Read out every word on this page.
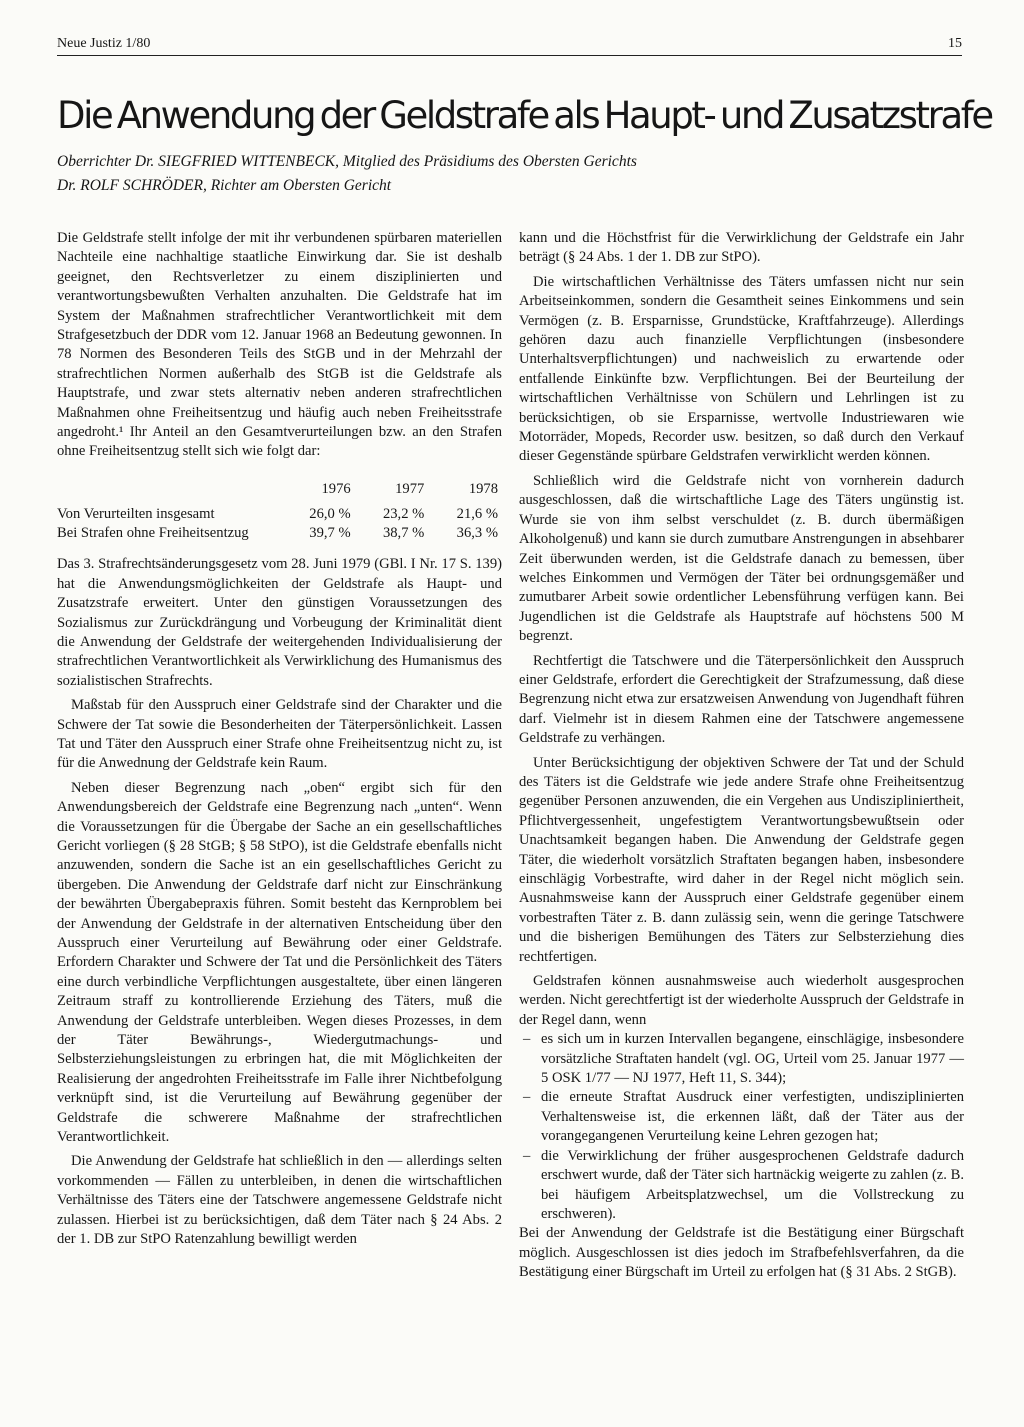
Neue Justiz 1/80	15
Die Anwendung der Geldstrafe als Haupt- und Zusatzstrafe
Oberrichter Dr. SIEGFRIED WITTENBECK, Mitglied des Präsidiums des Obersten Gerichts
Dr. ROLF SCHRÖDER, Richter am Obersten Gericht

Die Geldstrafe stellt infolge der mit ihr verbundenen spürbaren materiellen Nachteile eine nachhaltige staatliche Einwirkung dar. Sie ist deshalb geeignet, den Rechtsverletzer zu einem disziplinierten und verantwortungsbewußten Verhalten anzuhalten. Die Geldstrafe hat im System der Maßnahmen strafrechtlicher Verantwortlichkeit mit dem Strafgesetzbuch der DDR vom 12. Januar 1968 an Bedeutung gewonnen. In 78 Normen des Besonderen Teils des StGB und in der Mehrzahl der strafrechtlichen Normen außerhalb des StGB ist die Geldstrafe als Hauptstrafe, und zwar stets alternativ neben anderen strafrechtlichen Maßnahmen ohne Freiheitsentzug und häufig auch neben Freiheitsstrafe angedroht.¹ Ihr Anteil an den Gesamtverurteilungen bzw. an den Strafen ohne Freiheitsentzug stellt sich wie folgt dar:

	1976	1977	1978
Von Verurteilten insgesamt	26,0 %	23,2 %	21,6 %
Bei Strafen ohne Freiheitsentzug	39,7 %	38,7 %	36,3 %

Das 3. Strafrechtsänderungsgesetz vom 28. Juni 1979 (GBl. I Nr. 17 S. 139) hat die Anwendungsmöglichkeiten der Geldstrafe als Haupt- und Zusatzstrafe erweitert. Unter den günstigen Voraussetzungen des Sozialismus zur Zurückdrängung und Vorbeugung der Kriminalität dient die Anwendung der Geldstrafe der weitergehenden Individualisierung der strafrechtlichen Verantwortlichkeit als Verwirklichung des Humanismus des sozialistischen Strafrechts.

Maßstab für den Ausspruch einer Geldstrafe sind der Charakter und die Schwere der Tat sowie die Besonderheiten der Täterpersönlichkeit. Lassen Tat und Täter den Ausspruch einer Strafe ohne Freiheitsentzug nicht zu, ist für die Anwednung der Geldstrafe kein Raum.

Neben dieser Begrenzung nach „oben“ ergibt sich für den Anwendungsbereich der Geldstrafe eine Begrenzung nach „unten“. Wenn die Voraussetzungen für die Übergabe der Sache an ein gesellschaftliches Gericht vorliegen (§ 28 StGB; § 58 StPO), ist die Geldstrafe ebenfalls nicht anzuwenden, sondern die Sache ist an ein gesellschaftliches Gericht zu übergeben. Die Anwendung der Geldstrafe darf nicht zur Einschränkung der bewährten Übergabepraxis führen. Somit besteht das Kernproblem bei der Anwendung der Geldstrafe in der alternativen Entscheidung über den Ausspruch einer Verurteilung auf Bewährung oder einer Geldstrafe. Erfordern Charakter und Schwere der Tat und die Persönlichkeit des Täters eine durch verbindliche Verpflichtungen ausgestaltete, über einen längeren Zeitraum straff zu kontrollierende Erziehung des Täters, muß die Anwendung der Geldstrafe unterbleiben. Wegen dieses Prozesses, in dem der Täter Bewährungs-, Wiedergutmachungs- und Selbsterziehungsleistungen zu erbringen hat, die mit Möglichkeiten der Realisierung der angedrohten Freiheitsstrafe im Falle ihrer Nichtbefolgung verknüpft sind, ist die Verurteilung auf Bewährung gegenüber der Geldstrafe die schwerere Maßnahme der strafrechtlichen Verantwortlichkeit.

Die Anwendung der Geldstrafe hat schließlich in den — allerdings selten vorkommenden — Fällen zu unterbleiben, in denen die wirtschaftlichen Verhältnisse des Täters eine der Tatschwere angemessene Geldstrafe nicht zulassen. Hierbei ist zu berücksichtigen, daß dem Täter nach § 24 Abs. 2 der 1. DB zur StPO Ratenzahlung bewilligt werden

kann und die Höchstfrist für die Verwirklichung der Geldstrafe ein Jahr beträgt (§ 24 Abs. 1 der 1. DB zur StPO).

Die wirtschaftlichen Verhältnisse des Täters umfassen nicht nur sein Arbeitseinkommen, sondern die Gesamtheit seines Einkommens und sein Vermögen (z. B. Ersparnisse, Grundstücke, Kraftfahrzeuge). Allerdings gehören dazu auch finanzielle Verpflichtungen (insbesondere Unterhaltsverpflichtungen) und nachweislich zu erwartende oder entfallende Einkünfte bzw. Verpflichtungen. Bei der Beurteilung der wirtschaftlichen Verhältnisse von Schülern und Lehrlingen ist zu berücksichtigen, ob sie Ersparnisse, wertvolle Industriewaren wie Motorräder, Mopeds, Recorder usw. besitzen, so daß durch den Verkauf dieser Gegenstände spürbare Geldstrafen verwirklicht werden können.

Schließlich wird die Geldstrafe nicht von vornherein dadurch ausgeschlossen, daß die wirtschaftliche Lage des Täters ungünstig ist. Wurde sie von ihm selbst verschuldet (z. B. durch übermäßigen Alkoholgenuß) und kann sie durch zumutbare Anstrengungen in absehbarer Zeit überwunden werden, ist die Geldstrafe danach zu bemessen, über welches Einkommen und Vermögen der Täter bei ordnungsgemäßer und zumutbarer Arbeit sowie ordentlicher Lebensführung verfügen kann. Bei Jugendlichen ist die Geldstrafe als Hauptstrafe auf höchstens 500 M begrenzt.

Rechtfertigt die Tatschwere und die Täterpersönlichkeit den Ausspruch einer Geldstrafe, erfordert die Gerechtigkeit der Strafzumessung, daß diese Begrenzung nicht etwa zur ersatzweisen Anwendung von Jugendhaft führen darf. Vielmehr ist in diesem Rahmen eine der Tatschwere angemessene Geldstrafe zu verhängen.

Unter Berücksichtigung der objektiven Schwere der Tat und der Schuld des Täters ist die Geldstrafe wie jede andere Strafe ohne Freiheitsentzug gegenüber Personen anzuwenden, die ein Vergehen aus Undiszipliniertheit, Pflichtvergessenheit, ungefestigtem Verantwortungsbewußtsein oder Unachtsamkeit begangen haben. Die Anwendung der Geldstrafe gegen Täter, die wiederholt vorsätzlich Straftaten begangen haben, insbesondere einschlägig Vorbestrafte, wird daher in der Regel nicht möglich sein. Ausnahmsweise kann der Ausspruch einer Geldstrafe gegenüber einem vorbestraften Täter z. B. dann zulässig sein, wenn die geringe Tatschwere und die bisherigen Bemühungen des Täters zur Selbsterziehung dies rechtfertigen.

Geldstrafen können ausnahmsweise auch wiederholt ausgesprochen werden. Nicht gerechtfertigt ist der wiederholte Ausspruch der Geldstrafe in der Regel dann, wenn

– es sich um in kurzen Intervallen begangene, einschlägige, insbesondere vorsätzliche Straftaten handelt (vgl. OG, Urteil vom 25. Januar 1977 — 5 OSK 1/77 — NJ 1977, Heft 11, S. 344);
– die erneute Straftat Ausdruck einer verfestigten, undisziplinierten Verhaltensweise ist, die erkennen läßt, daß der Täter aus der vorangegangenen Verurteilung keine Lehren gezogen hat;
– die Verwirklichung der früher ausgesprochenen Geldstrafe dadurch erschwert wurde, daß der Täter sich hartnäckig weigerte zu zahlen (z. B. bei häufigem Arbeitsplatzwechsel, um die Vollstreckung zu erschweren).

Bei der Anwendung der Geldstrafe ist die Bestätigung einer Bürgschaft möglich. Ausgeschlossen ist dies jedoch im Strafbefehlsverfahren, da die Bestätigung einer Bürgschaft im Urteil zu erfolgen hat (§ 31 Abs. 2 StGB).
